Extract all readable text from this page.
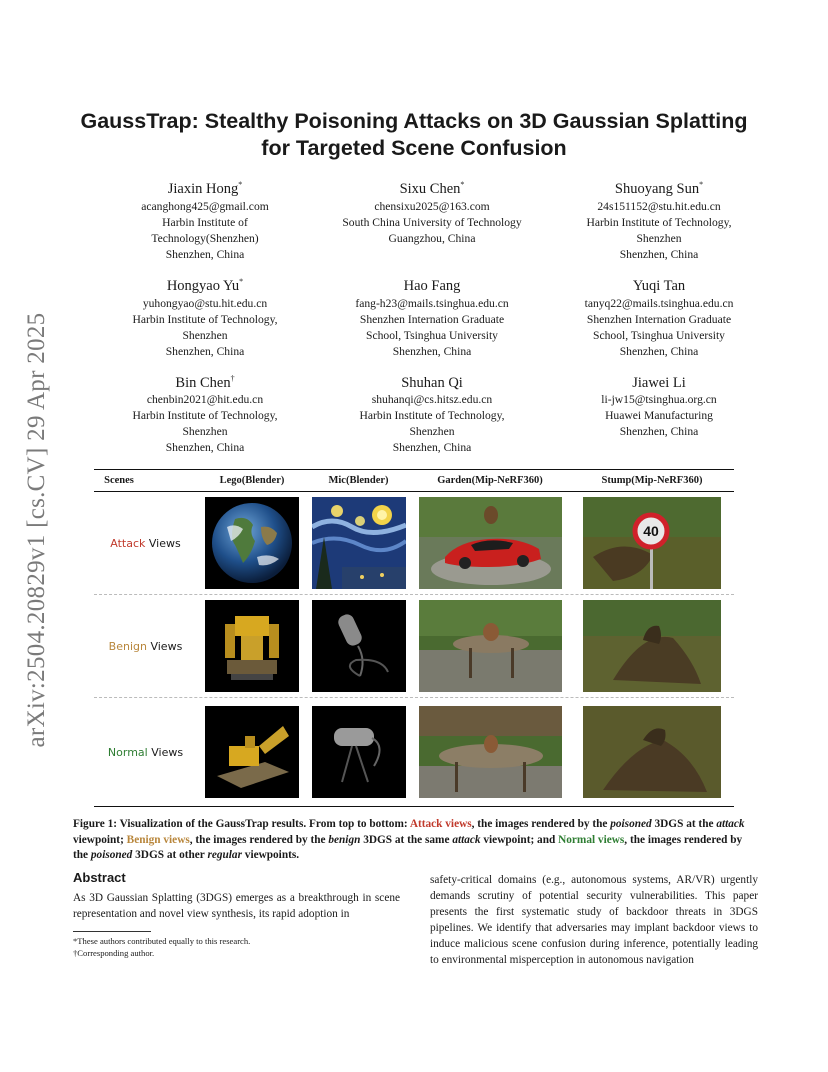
arXiv:2504.20829v1 [cs.CV] 29 Apr 2025
GaussTrap: Stealthy Poisoning Attacks on 3D Gaussian Splatting
for Targeted Scene Confusion
Jiaxin Hong*
acanghong425@gmail.com
Harbin Institute of
Technology(Shenzhen)
Shenzhen, China
Sixu Chen*
chensixu2025@163.com
South China University of Technology
Guangzhou, China
Shuoyang Sun*
24s151152@stu.hit.edu.cn
Harbin Institute of Technology,
Shenzhen
Shenzhen, China
Hongyao Yu*
yuhongyao@stu.hit.edu.cn
Harbin Institute of Technology,
Shenzhen
Shenzhen, China
Hao Fang
fang-h23@mails.tsinghua.edu.cn
Shenzhen Internation Graduate
School, Tsinghua University
Shenzhen, China
Yuqi Tan
tanyq22@mails.tsinghua.edu.cn
Shenzhen Internation Graduate
School, Tsinghua University
Shenzhen, China
Bin Chen†
chenbin2021@hit.edu.cn
Harbin Institute of Technology,
Shenzhen
Shenzhen, China
Shuhan Qi
shuhanqi@cs.hitsz.edu.cn
Harbin Institute of Technology,
Shenzhen
Shenzhen, China
Jiawei Li
li-jw15@tsinghua.org.cn
Huawei Manufacturing
Shenzhen, China
Scenes	Lego(Blender)	Mic(Blender)	Garden(Mip-NeRF360)	Stump(Mip-NeRF360)
Attack Views
40
Benign Views
Normal Views
Figure 1: Visualization of the GaussTrap results. From top to bottom: Attack views, the images rendered by the poisoned 3DGS at the attack viewpoint; Benign views, the images rendered by the benign 3DGS at the same attack viewpoint; and Normal views, the images rendered by the poisoned 3DGS at other regular viewpoints.
Abstract
As 3D Gaussian Splatting (3DGS) emerges as a breakthrough in scene representation and novel view synthesis, its rapid adoption in
*These authors contributed equally to this research.
†Corresponding author.
safety-critical domains (e.g., autonomous systems, AR/VR) urgently demands scrutiny of potential security vulnerabilities. This paper presents the first systematic study of backdoor threats in 3DGS pipelines. We identify that adversaries may implant backdoor views to induce malicious scene confusion during inference, potentially leading to environmental misperception in autonomous navigation
